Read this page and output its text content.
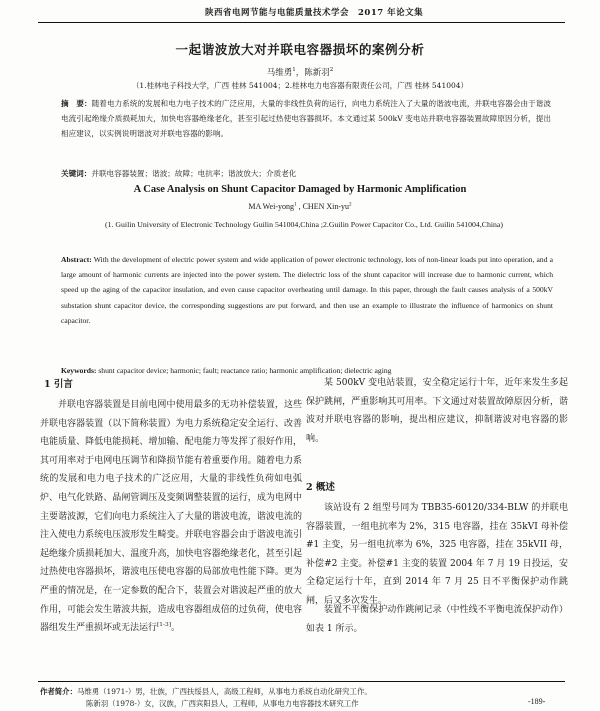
陕西省电网节能与电能质量技术学会　2017 年论文集
一起谐波放大对并联电容器损坏的案例分析
马维勇$^1$，陈新羽$^2$
（1.桂林电子科技大学，广西 桂林 541004；2.桂林电力电容器有限责任公司，广西 桂林 541004）
摘　要：随着电力系统的发展和电力电子技术的广泛应用，大量的非线性负荷的运行，向电力系统注入了大量的谐波电流，并联电容器会由于谐波电流引起绝缘介质损耗加大，加快电容器绝缘老化，甚至引起过热使电容器损坏。本文通过某 500kV 变电站并联电容器装置故障原因分析，提出相应建议，以实例说明谐波对并联电容器的影响。
关键词：并联电容器装置；谐波；故障；电抗率；谐波放大；介质老化
A Case Analysis on Shunt Capacitor Damaged by Harmonic Amplification
MA Wei-yong$^1$ , CHEN Xin-$yu^2$
(1. Guilin University of Electronic Technology Guilin 541004,China ;2.Guilin Power Capacitor Co., Ltd. Guilin 541004,China)
Abstract: With the development of electric power system and wide application of power electronic technology, lots of non-linear loads put into operation, and a large amount of harmonic currents are injected into the power system. The dielectric loss of the shunt capacitor will increase due to harmonic current, which speed up the aging of the capacitor insulation, and even cause capacitor overheating until damage. In this paper, through the fault causes analysis of a 500kV substation shunt capacitor device, the corresponding suggestions are put forward, and then use an example to illustrate the influence of harmonics on shunt capacitor.
Keywords: shunt capacitor device; harmonic; fault; reactance ratio; harmonic amplification; dielectric aging
1 引言

并联电容器装置是目前电网中使用最多的无功补偿装置，这些并联电容器装置（以下简称装置）为电力系统稳定安全运行、改善电能质量、降低电能损耗、增加输、配电能力等发挥了很好作用，其可用率对于电网电压调节和降损节能有着重要作用。随着电力系统的发展和电力电子技术的广泛应用，大量的非线性负荷如电弧炉、电气化铁路、晶闸管调压及变频调整装置的运行，成为电网中主要谐波源，它们向电力系统注入了大量的谐波电流，谐波电流的注入使电力系统电压波形发生畸变。并联电容器会由于谐波电流引起绝缘介质损耗加大、温度升高，加快电容器绝缘老化，甚至引起过热使电容器损坏，谐波电压使电容器的局部放电性能下降。更为严重的情况是，在一定参数的配合下，装置会对谐波起严重的放大作用，可能会发生谐波共振，造成电容器组成倍的过负荷，使电容器组发生严重损坏或无法运行[1-3]。

某 500kV 变电站装置，安全稳定运行十年，近年来发生多起保护跳闸，严重影响其可用率。下文通过对装置故障原因分析，谐波对并联电容器的影响，提出相应建议，抑制谐波对电容器的影响。

2 概述

该站设有 2 组型号同为 TBB35-60120/334-BLW 的并联电容器装置，一组电抗率为 2%，315 电容器，挂在 35kVI 母补偿#1 主变，另一组电抗率为 6%，325 电容器，挂在 35kVII 母，补偿#2 主变。补偿#1 主变的装置 2004 年 7 月 19 日投运，安全稳定运行十年，直到 2014 年 7 月 25 日不平衡保护动作跳闸，后又多次发生。

装置不平衡保护动作跳闸记录（中性线不平衡电流保护动作）如表 1 所示。

作者简介：马维勇（1971-）男，壮族，广西扶绥县人，高级工程师，从事电力系统自动化研究工作。
陈新羽（1978-）女，汉族，广西宾阳县人，工程师，从事电力电容器技术研究工作	-189-
